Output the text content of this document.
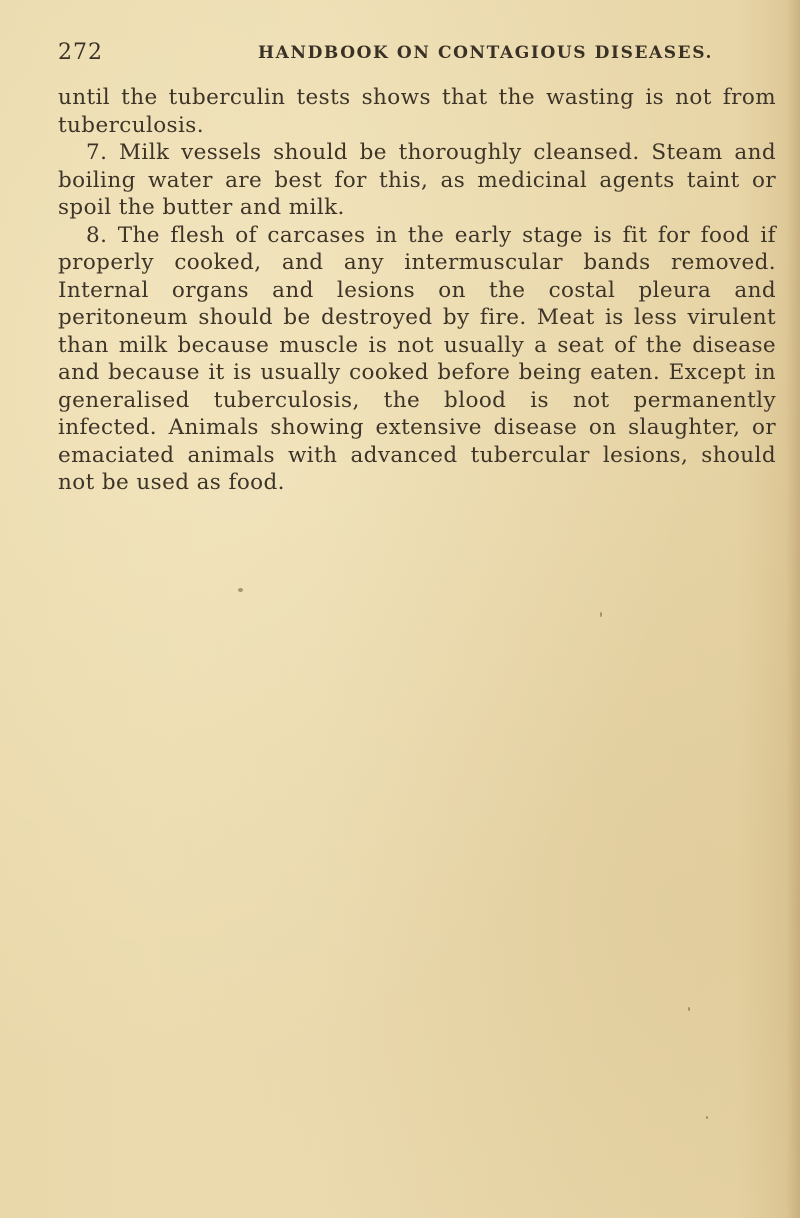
272	HANDBOOK ON CONTAGIOUS DISEASES.

until the tuberculin tests shows that the wasting is not from tuberculosis.

7. Milk vessels should be thoroughly cleansed. Steam and boiling water are best for this, as medicinal agents taint or spoil the butter and milk.

8. The flesh of carcases in the early stage is fit for food if properly cooked, and any intermuscular bands removed. Internal organs and lesions on the costal pleura and peritoneum should be destroyed by fire. Meat is less virulent than milk because muscle is not usually a seat of the disease and because it is usually cooked before being eaten. Except in generalised tuberculosis, the blood is not permanently infected. Animals showing extensive disease on slaughter, or emaciated animals with advanced tubercular lesions, should not be used as food.
